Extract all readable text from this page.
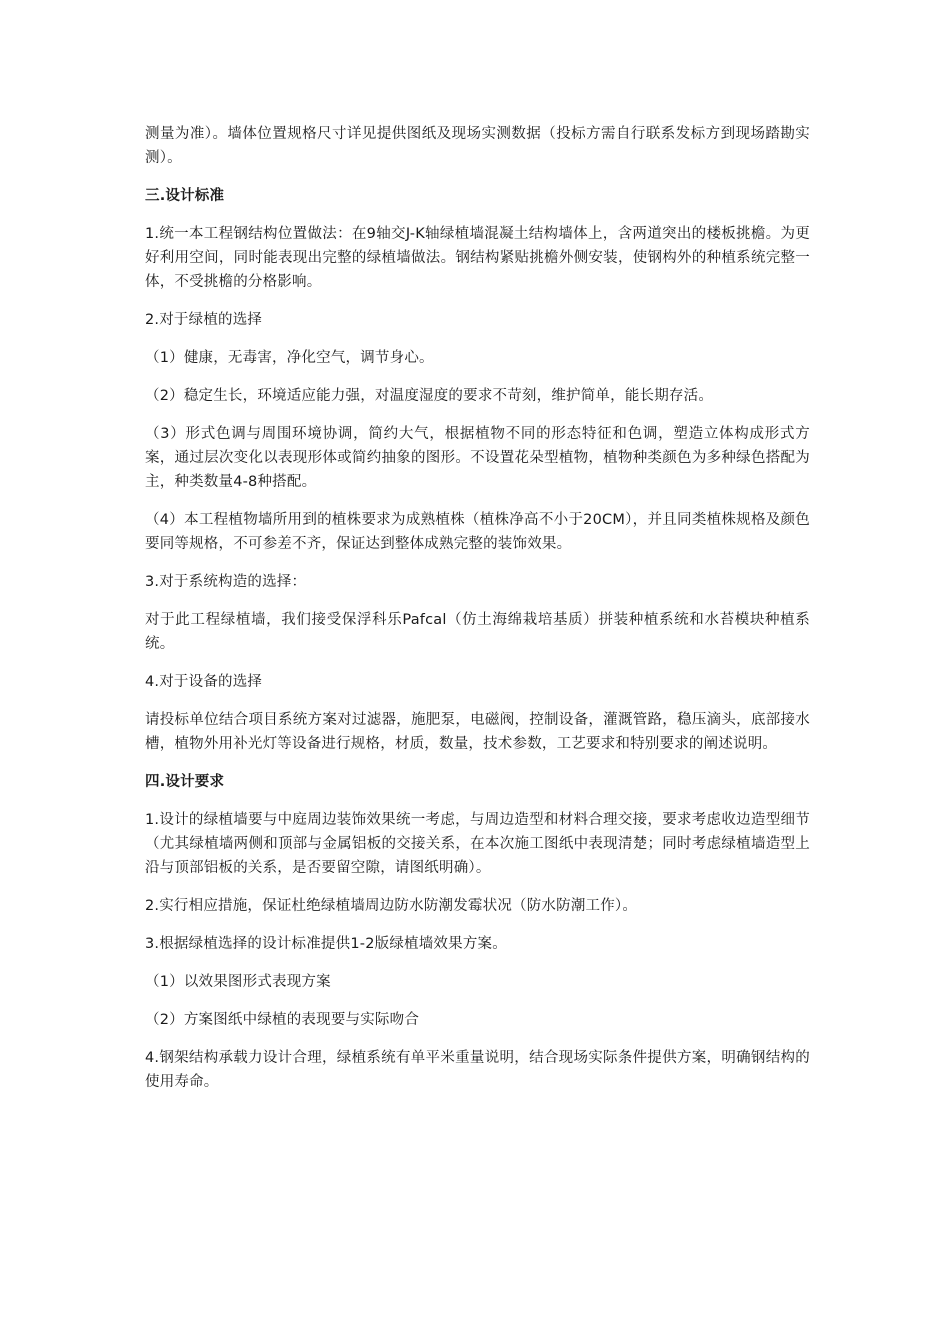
测量为准）。墙体位置规格尺寸详见提供图纸及现场实测数据（投标方需自行联系发标方到现场踏勘实测）。

三.设计标准

1.统一本工程钢结构位置做法：在9轴交J-K轴绿植墙混凝土结构墙体上，含两道突出的楼板挑檐。为更好利用空间，同时能表现出完整的绿植墙做法。钢结构紧贴挑檐外侧安装，使钢构外的种植系统完整一体，不受挑檐的分格影响。

2.对于绿植的选择

（1）健康，无毒害，净化空气，调节身心。

（2）稳定生长，环境适应能力强，对温度湿度的要求不苛刻，维护简单，能长期存活。

（3）形式色调与周围环境协调，简约大气，根据植物不同的形态特征和色调，塑造立体构成形式方案，通过层次变化以表现形体或简约抽象的图形。不设置花朵型植物，植物种类颜色为多种绿色搭配为主，种类数量4-8种搭配。

（4）本工程植物墙所用到的植株要求为成熟植株（植株净高不小于20CM），并且同类植株规格及颜色要同等规格，不可参差不齐，保证达到整体成熟完整的装饰效果。

3.对于系统构造的选择：

对于此工程绿植墙，我们接受保浮科乐Pafcal（仿土海绵栽培基质）拼装种植系统和水苔模块种植系统。

4.对于设备的选择

请投标单位结合项目系统方案对过滤器，施肥泵，电磁阀，控制设备，灌溉管路，稳压滴头，底部接水槽，植物外用补光灯等设备进行规格，材质，数量，技术参数，工艺要求和特别要求的阐述说明。

四.设计要求

1.设计的绿植墙要与中庭周边装饰效果统一考虑，与周边造型和材料合理交接，要求考虑收边造型细节（尤其绿植墙两侧和顶部与金属铝板的交接关系，在本次施工图纸中表现清楚；同时考虑绿植墙造型上沿与顶部铝板的关系，是否要留空隙，请图纸明确）。

2.实行相应措施，保证杜绝绿植墙周边防水防潮发霉状况（防水防潮工作）。

3.根据绿植选择的设计标准提供1-2版绿植墙效果方案。

（1）以效果图形式表现方案

（2）方案图纸中绿植的表现要与实际吻合

4.钢架结构承载力设计合理，绿植系统有单平米重量说明，结合现场实际条件提供方案，明确钢结构的使用寿命。
